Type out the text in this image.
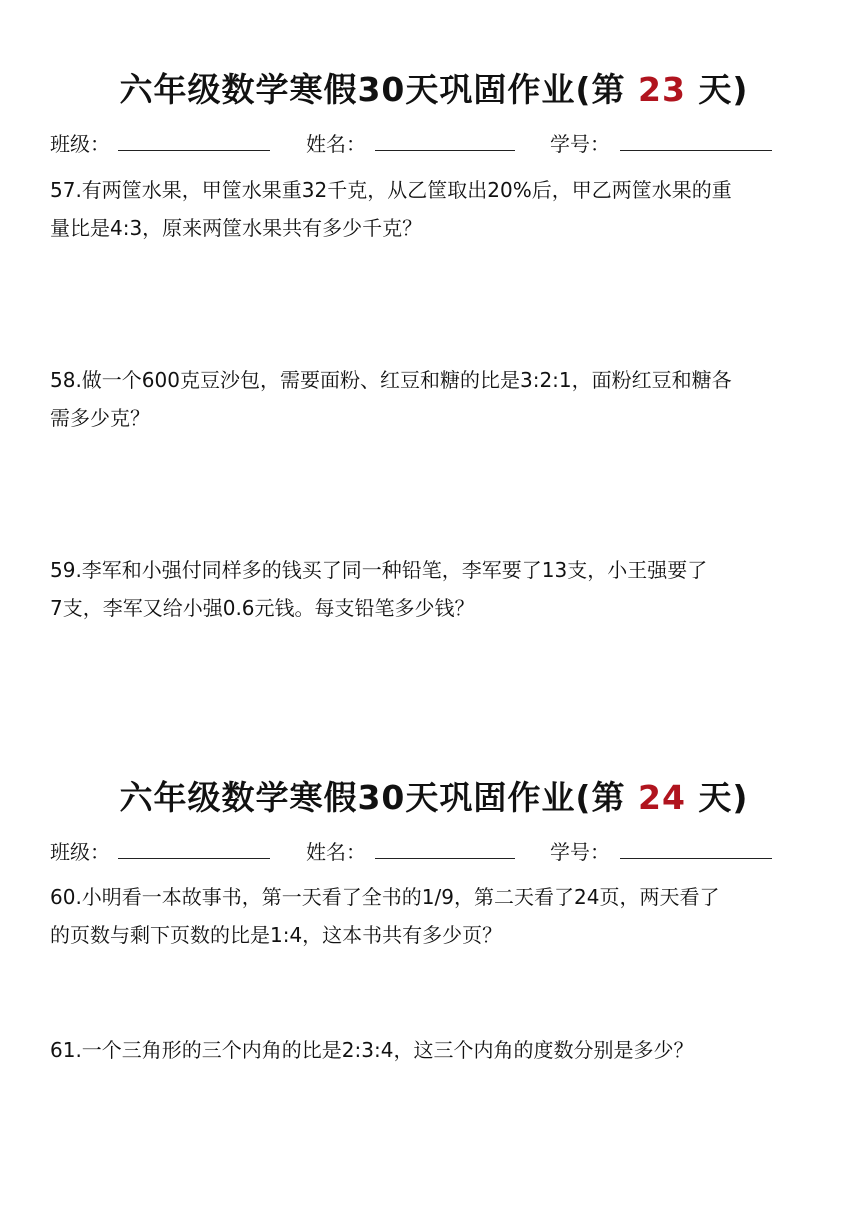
六年级数学寒假30天巩固作业(第 23 天)
班级：	姓名：	学号：
57.有两筐水果，甲筐水果重32千克，从乙筐取出20%后，甲乙两筐水果的重
量比是4:3，原来两筐水果共有多少千克？
58.做一个600克豆沙包，需要面粉、红豆和糖的比是3:2:1，面粉红豆和糖各
需多少克？
59.李军和小强付同样多的钱买了同一种铅笔，李军要了13支，小王强要了
7支，李军又给小强0.6元钱。每支铅笔多少钱？
六年级数学寒假30天巩固作业(第 24 天)
班级：	姓名：	学号：
60.小明看一本故事书，第一天看了全书的1/9，第二天看了24页，两天看了
的页数与剩下页数的比是1:4，这本书共有多少页？
61.一个三角形的三个内角的比是2:3:4，这三个内角的度数分别是多少？
